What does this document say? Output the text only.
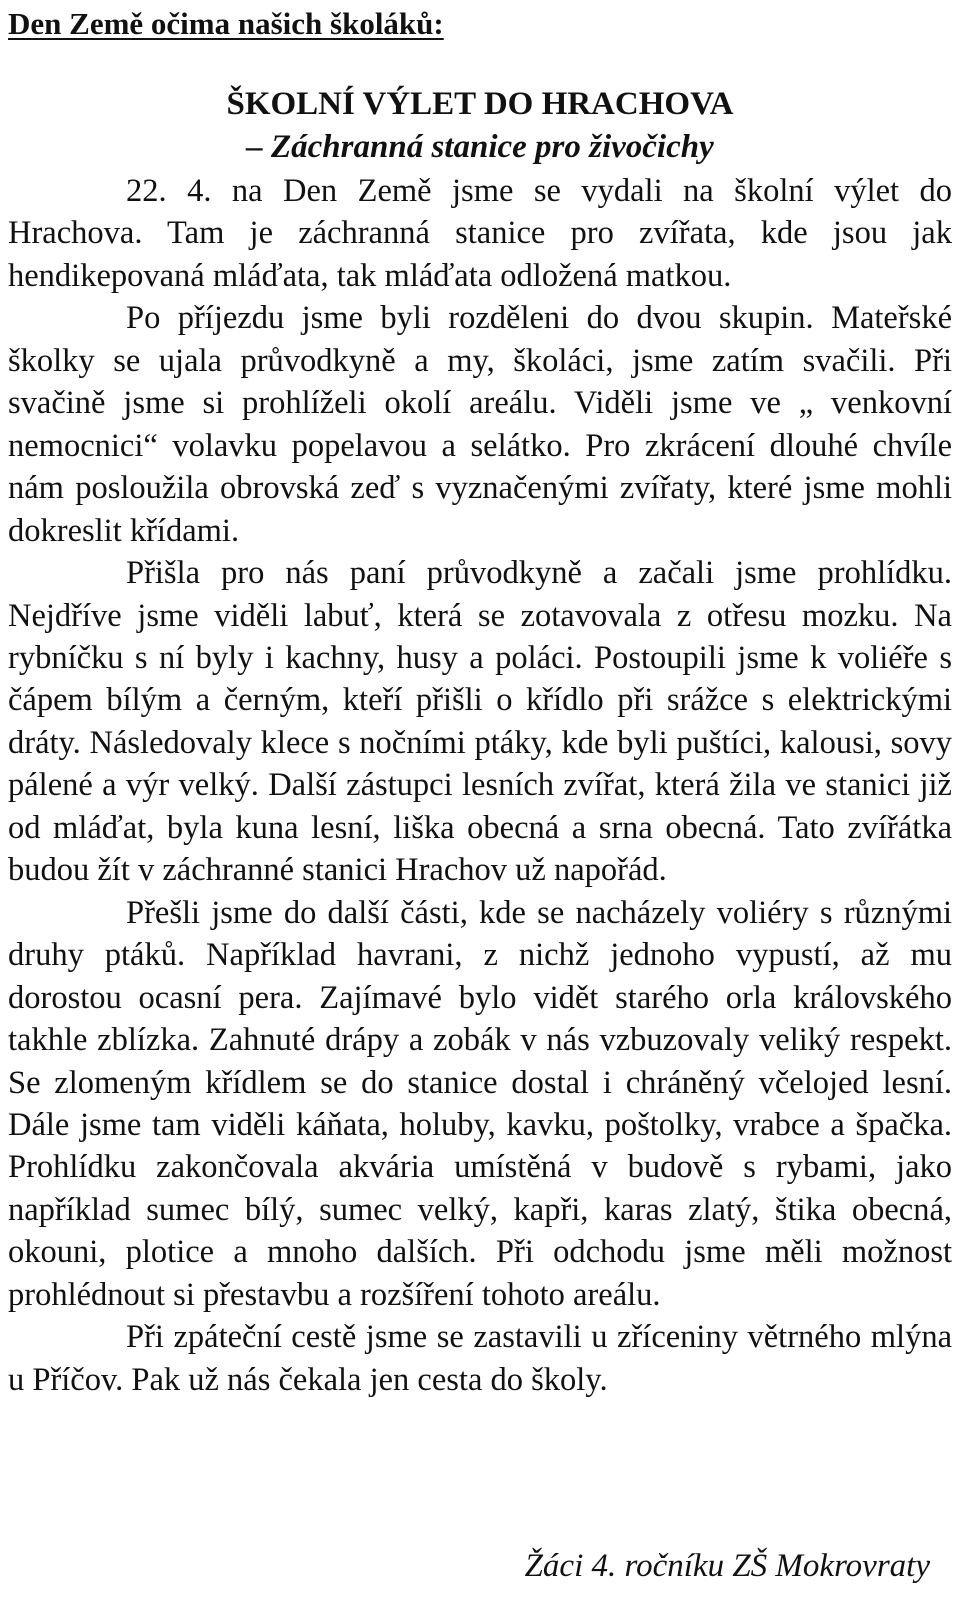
Den Země očima našich školáků:
ŠKOLNÍ VÝLET DO HRACHOVA
– Záchranná stanice pro živočichy

22. 4. na Den Země jsme se vydali na školní výlet do Hrachova. Tam je záchranná stanice pro zvířata, kde jsou jak hendikepovaná mláďata, tak mláďata odložená matkou.

Po příjezdu jsme byli rozděleni do dvou skupin. Mateřské školky se ujala průvodkyně a my, školáci, jsme zatím svačili. Při svačině jsme si prohlíželi okolí areálu. Viděli jsme ve „ venkovní nemocnici“ volavku popelavou a selátko. Pro zkrácení dlouhé chvíle nám posloužila obrovská zeď s vyznačenými zvířaty, které jsme mohli dokreslit křídami.

Přišla pro nás paní průvodkyně a začali jsme prohlídku. Nejdříve jsme viděli labuť, která se zotavovala z otřesu mozku. Na rybníčku s ní byly i kachny, husy a poláci. Postoupili jsme k voliéře s čápem bílým a černým, kteří přišli o křídlo při srážce s elektrickými dráty. Následovaly klece s nočními ptáky, kde byli puštíci, kalousi, sovy pálené a výr velký. Další zástupci lesních zvířat, která žila ve stanici již od mláďat, byla kuna lesní, liška obecná a srna obecná. Tato zvířátka budou žít v záchranné stanici Hrachov už napořád.

Přešli jsme do další části, kde se nacházely voliéry s různými druhy ptáků. Například havrani, z nichž jednoho vypustí, až mu dorostou ocasní pera. Zajímavé bylo vidět starého orla královského takhle zblízka. Zahnuté drápy a zobák v nás vzbuzovaly veliký respekt. Se zlomeným křídlem se do stanice dostal i chráněný včelojed lesní. Dále jsme tam viděli káňata, holuby, kavku, poštolky, vrabce a špačka. Prohlídku zakončovala akvária umístěná v budově s rybami, jako například sumec bílý, sumec velký, kapři, karas zlatý, štika obecná, okouni, plotice a mnoho dalších. Při odchodu jsme měli možnost prohlédnout si přestavbu a rozšíření tohoto areálu.

Při zpáteční cestě jsme se zastavili u zříceniny větrného mlýna u Příčov. Pak už nás čekala jen cesta do školy.

Žáci 4. ročníku ZŠ Mokrovraty
